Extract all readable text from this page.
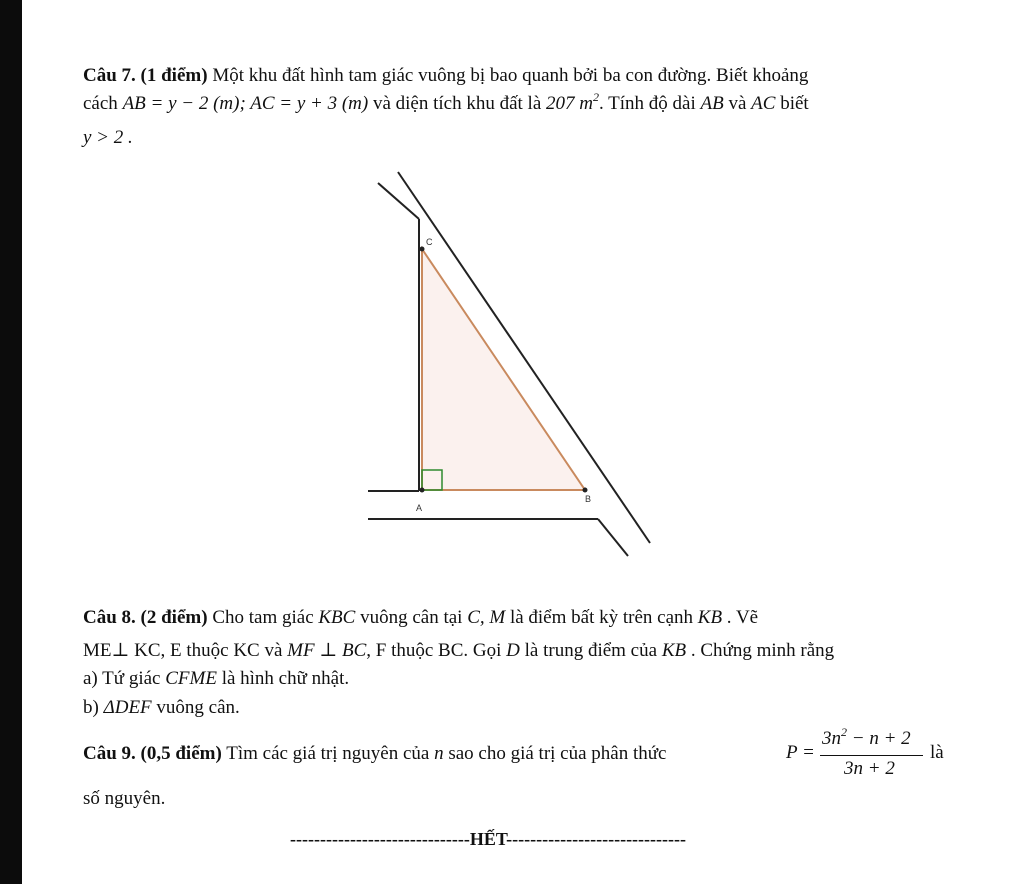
Câu 7. (1 điểm) Một khu đất hình tam giác vuông bị bao quanh bởi ba con đường. Biết khoảng
cách AB = y − 2 (m); AC = y + 3 (m) và diện tích khu đất là 207 $m^2$. Tính độ dài AB và AC biết
y > 2 .
C
A
B
Câu 8. (2 điểm) Cho tam giác KBC vuông cân tại C, M là điểm bất kỳ trên cạnh KB . Vẽ
ME⊥ KC, E thuộc KC và MF ⊥ BC, F thuộc BC. Gọi D là trung điểm của KB . Chứng minh rằng
a) Tứ giác CFME là hình chữ nhật.
b) ΔDEF vuông cân.
Câu 9. (0,5 điểm) Tìm các giá trị nguyên của n sao cho giá trị của phân thức	P =
$3n^2 - n + 2$
3n + 2
là
số nguyên.
------------------------------HẾT------------------------------
